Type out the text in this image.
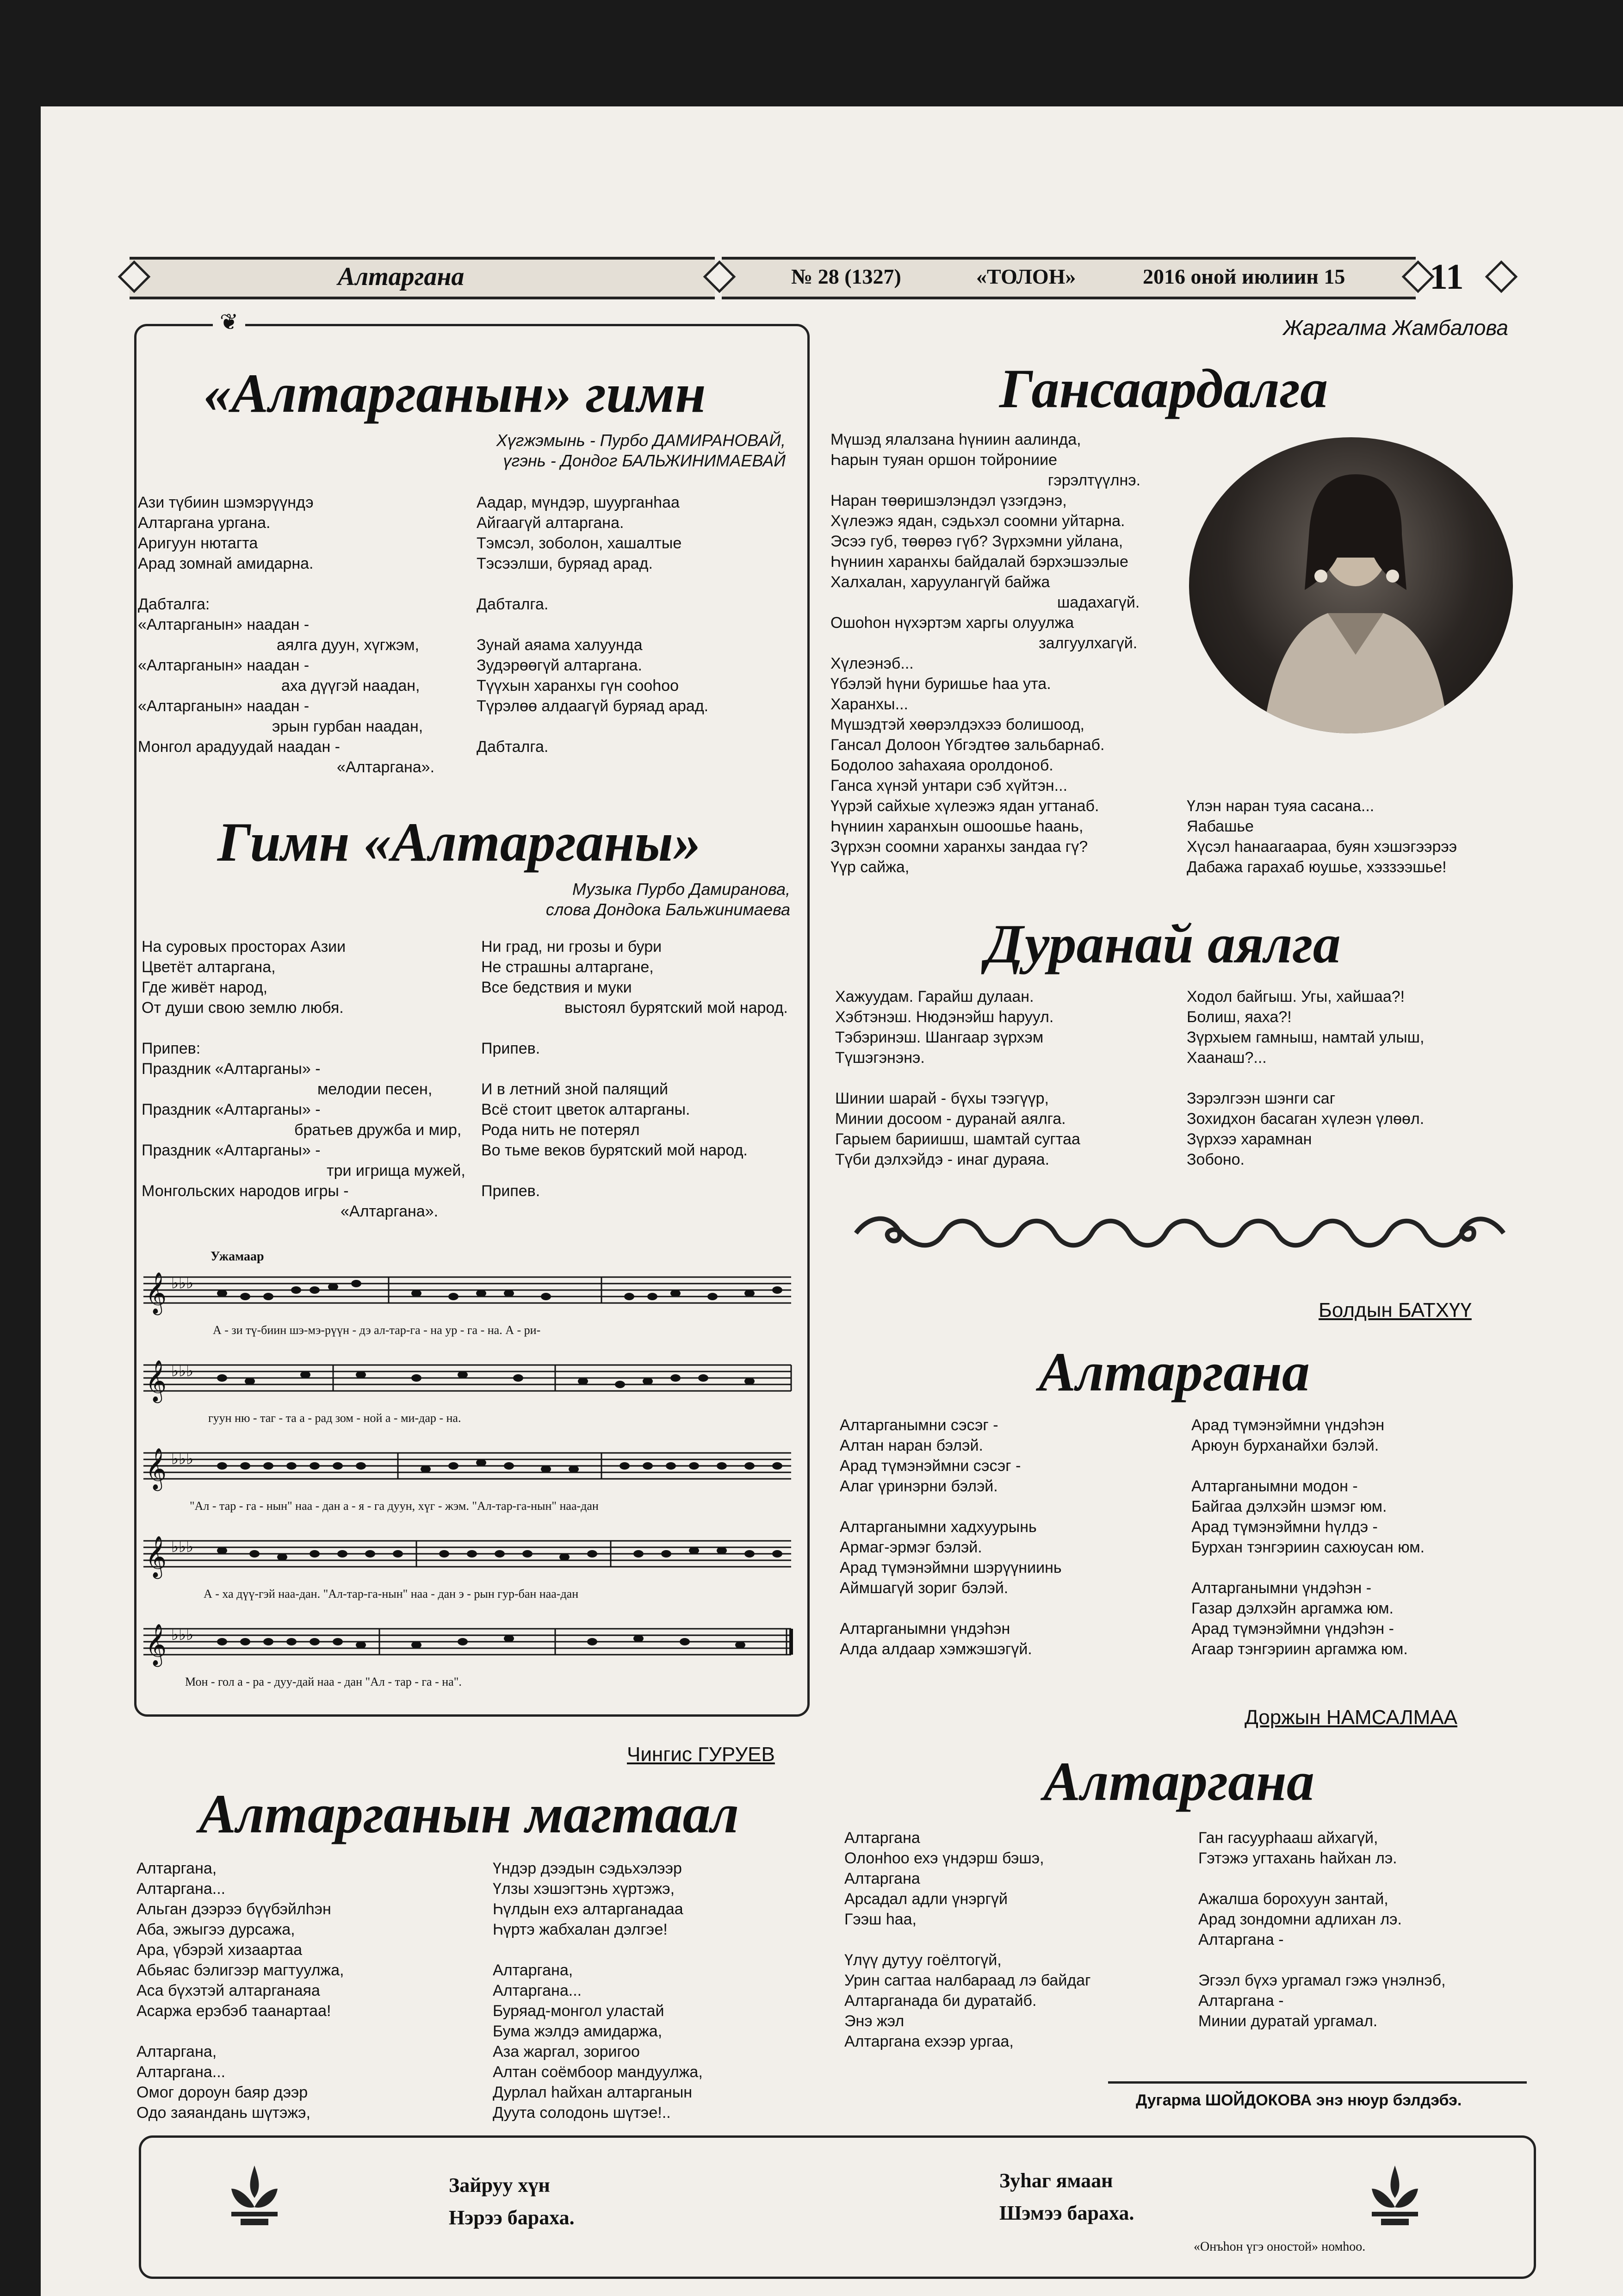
Алтаргана	№ 28 (1327)	«ТОЛОН»	2016 оной июлиин 15 11
❦
«Алтарганын» гимн
Хүгжэмынь - Пурбо ДАМИРАНОВАЙ,
үгэнь - Дондог БАЛЬЖИНИМАЕВАЙ
Ази түбиин шэмэрүүндэ
Алтаргана ургана.
Аригуун нютагта
Арад зомнай амидарна.
Дабталга:
«Алтарганын» наадан -
аялга дуун, хүгжэм,
«Алтарганын» наадан -
аха дүүгэй наадан,
«Алтарганын» наадан -
эрын гурбан наадан,
Монгол арадуудай наадан -
«Алтаргана».
Аадар, мүндэр, шуурганhaa
Айгаагүй алтаргана.
Тэмсэл, зоболон, хашалтые
Тэсээлши, буряад арад.
Дабталга.
Зунай аяама халуунда
Зудэрөөгүй алтаргана.
Түүхын харанхы гүн соohoo
Түрэлөө алдаагүй буряад арад.
Дабталга.
Гимн «Алтарганы»
Музыка Пурбо Дамиранова,
слова Дондока Бальжинимаева
На суровых просторах Азии
Цветёт алтаргана,
Где живёт народ,
От души свою землю любя.
Припев:
Праздник «Алтарганы» -
мелодии песен,
Праздник «Алтарганы» -
братьев дружба и мир,
Праздник «Алтарганы» -
три игрища мужей,
Монгольских народов игры -
«Алтаргана».
Ни град, ни грозы и бури
Не страшны алтаргане,
Все бедствия и муки
выстоял бурятский мой народ.
Припев.
И в летний зной палящий
Всё стоит цветок алтарганы.
Рода нить не потерял
Во тьме веков бурятский мой народ.
Припев.
Ужамаар
𝄞
𝄞
𝄞
𝄞
𝄞
♭♭♭
♭♭♭
♭♭♭
♭♭♭
♭♭♭
А - зи тү-биин шэ-мэ-рүүн - дэ ал-тар-га - на ур - га - на. А - ри-
гуун ню - таг - та а - рад зом - ной а - ми-дар - на.
"Ал - тар - га - нын" наа - дан а - я - га дуун, хүг - жэм. "Ал-тар-га-нын" наа-дан
А - ха дүү-гэй наа-дан. "Ал-тар-га-нын" наа - дан э - рын гур-бан наа-дан
Мон - гол а - ра - дуу-дай наа - дан "Ал - тар - га - на".
Чингис ГУРУЕВ
Алтарганын магтаал
Алтаргана,
Алтаргана...
Альган дээрээ бүүбэйлhэн
Аба, эжыгээ дурсажа,
Ара, үбэрэй хизаартаа
Абьяас бэлигээр магтуулжа,
Аса бүхэтэй алтарганаяа
Асаржа ерэбэб таанартаа!
Алтаргана,
Алтаргана...
Омог дороун баяр дээр
Одо заяандань шүтэжэ,
Үндэр дээдын сэдьхэлээр
Үлзы хэшэгтэнь хүртэжэ,
Һүлдын ехэ алтарганадаа
Һүртэ жабхалан дэлгэе!
Алтаргана,
Алтаргана...
Буряад-монгол уластай
Бума жэлдэ амидаржа,
Аза жаргал, зоригоо
Алтан соёмбоор мандуулжа,
Дурлал hайхан алтарганын
Дуута солодонь шүтэе!..
Жаргалма Жамбалова
Гансаардалга
Мүшэд ялалзана hүниин аалинда,
Һарын туяан оршон тойрониие
гэрэлтүүлнэ.
Наран төөришэлэндэл үзэгдэнэ,
Хүлеэжэ ядан, сэдьхэл соомни уйтарна.
Эсээ губ, төөрөэ гүб? Зүрхэмни уйлана,
Һүниин харанхы байдалай бэрхэшээлые
Халхалан, харуулангүй байжа
шадахагүй.
Ошоhон нүхэртэм харгы олуулжа
залгуулхагүй.
Хүлеэнэб...
Үбэлэй hүни буришье haa ута.
Харанхы...
Мүшэдтэй хөөрэлдэхээ болишоод,
Гансал Долоон Үбгэдтөө зальбарнаб.
Бодолоо заhахаяа оролдоноб.
Ганса хүнэй унтари сэб хүйтэн...
Үүрэй сайхые хүлеэжэ ядан угтанаб.
Һүниин харанхын ошоошье hаань,
Зүрхэн соомни харанхы зандаа гү?
Үүр сайжа,
Үлэн наран туяа сасана...
Яабашье
Хүсэл hанаагаараа, буян хэшэгээрээ
Дабажа гарахаб юушье, хэззээшье!
Дуранай аялга
Хажуудам. Гарайш дулаан.
Хэбтэнэш. Нюдэнэйш hаруул.
Тэбэринэш. Шангаар зүрхэм
Түшэгэнэнэ.
Шинии шарай - бүхы тээгүүр,
Минии досоом - дуранай аялга.
Гарыем бариишш, шамтай сугтаа
Түби дэлхэйдэ - инаг дураяа.
Ходол байгыш. Угы, хайшаа?!
Болиш, яаха?!
Зүрхыем гамныш, намтай улыш,
Хаанаш?...
Зэрэлгээн шэнги саг
Зохидхон басаган хүлеэн үлөөл.
Зүрхээ харамнан
Зобоно.
Болдын БАТХҮҮ
Алтаргана
Алтарганымни сэсэг -
Алтан наран бэлэй.
Арад түмэнэймни сэсэг -
Алаг үринэрни бэлэй.
Алтарганымни хадхуурынь
Армаг-эрмэг бэлэй.
Арад түмэнэймни шэрүүниинь
Аймшагүй зориг бэлэй.
Алтарганымни үндэhэн
Алда алдаар хэмжэшэгүй.
Арад түмэнэймни үндэhэн
Арюун бурханайхи бэлэй.
Алтарганымни модон -
Байгаа дэлхэйн шэмэг юм.
Арад түмэнэймни hүлдэ -
Бурхан тэнгэриин сахюусан юм.
Алтарганымни үндэhэн -
Газар дэлхэйн аргамжа юм.
Арад түмэнэймни үндэhэн -
Агаар тэнгэриин аргамжа юм.
Доржын НАМСАЛМАА
Алтаргана
Алтаргана
Олонhoo ехэ үндэрш бэшэ,
Алтаргана
Арсадал адли үнэргүй
Гээш haa,
Үлүү дутуу гоёлтогүй,
Урин сагтаа налбараад лэ байдаг
Алтарганада би дуратайб.
Энэ жэл
Алтаргана ехээр ургаа,
Ган гасуурhааш айхагүй,
Гэтэжэ угтахань hайхан лэ.
Ажалша борохуун зантай,
Арад зондомни адлихан лэ.
Алтаргана -
Эгээл бүхэ ургамал гэжэ үнэлнэб,
Алтаргана -
Минии дуратай ургамал.
Дугарма ШОЙДОКОВА энэ нюур бэлдэбэ.
Зайруу хүн
Нэрээ бараха.
Зуhаг ямаан
Шэмээ бараха.
«Онъhон үгэ оностой» номhoo.
